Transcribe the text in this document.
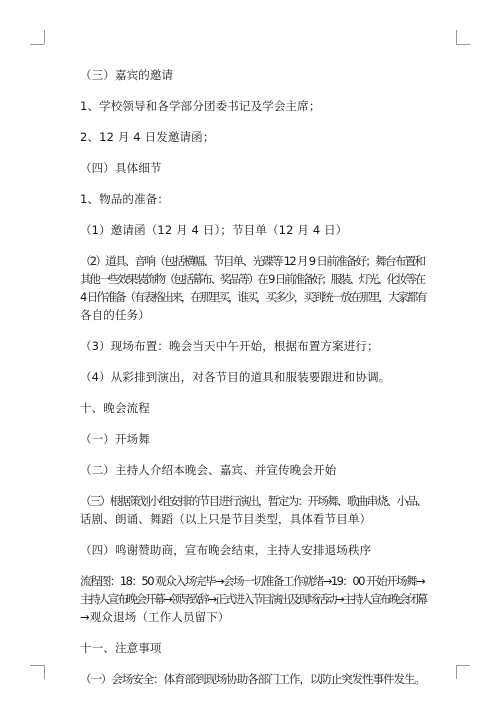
（三）嘉宾的邀请
1、学校领导和各学部分团委书记及学会主席；
2、12 月 4 日发邀请函；
（四）具体细节
1、物品的准备：
（1）邀请函（12 月 4 日）；节目单（12 月 4 日）
（2）道具、音响（包括横幅、节目单、光碟等 12 月 9 日前准备好；舞台布置和
其他一些效果装饰物（包括幕布、奖品等）在 9 日前准备好；服装、灯光、化妆等在
4 日作准备（有表格出来，在那里买，谁买，买多少，买到统一放在那里，大家都有
各自的任务）
（3）现场布置：晚会当天中午开始，根据布置方案进行；
（4）从彩排到演出，对各节目的道具和服装要跟进和协调。
十、晚会流程
（一）开场舞
（二）主持人介绍本晚会、嘉宾、并宣传晚会开始
（三）根据策划小组安排的节目进行演出，暂定为：开场舞、歌曲串烧、小品、
话剧、朗诵、舞蹈（以上只是节目类型，具体看节目单）
（四）鸣谢赞助商，宣布晚会结束，主持人安排退场秩序
流程图：18：50 观众入场完毕→会场一切准备工作就绪→19：00 开始开场舞→
主持人宣布晚会开幕→领导致辞→正式进入节目演出及现场活动→主持人宣布晚会闭幕
→观众退场（工作人员留下）
十一、注意事项
（一）会场安全：体育部到现场协助各部门工作，以防止突发性事件发生。
